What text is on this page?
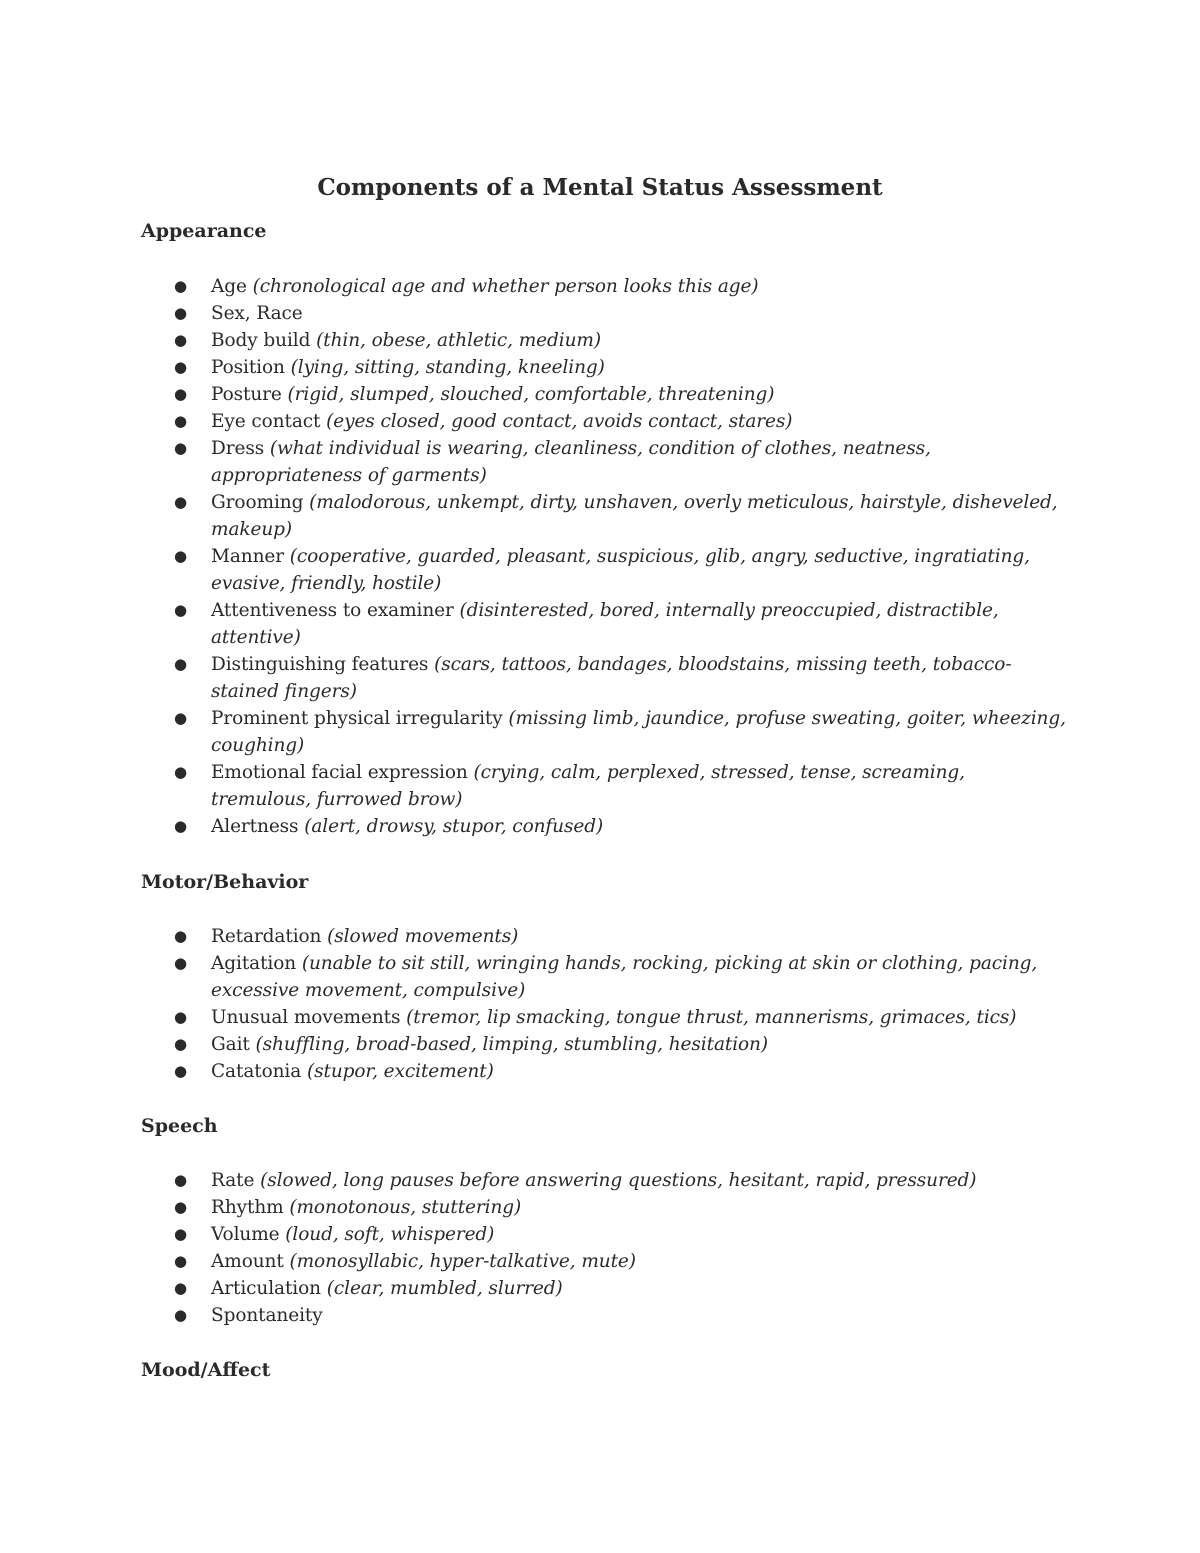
Components of a Mental Status Assessment
Appearance
● Age (chronological age and whether person looks this age)
● Sex, Race
● Body build (thin, obese, athletic, medium)
● Position (lying, sitting, standing, kneeling)
● Posture (rigid, slumped, slouched, comfortable, threatening)
● Eye contact (eyes closed, good contact, avoids contact, stares)
● Dress (what individual is wearing, cleanliness, condition of clothes, neatness, appropriateness of garments)
● Grooming (malodorous, unkempt, dirty, unshaven, overly meticulous, hairstyle, disheveled, makeup)
● Manner (cooperative, guarded, pleasant, suspicious, glib, angry, seductive, ingratiating, evasive, friendly, hostile)
● Attentiveness to examiner (disinterested, bored, internally preoccupied, distractible, attentive)
● Distinguishing features (scars, tattoos, bandages, bloodstains, missing teeth, tobacco-stained fingers)
● Prominent physical irregularity (missing limb, jaundice, profuse sweating, goiter, wheezing, coughing)
● Emotional facial expression (crying, calm, perplexed, stressed, tense, screaming, tremulous, furrowed brow)
● Alertness (alert, drowsy, stupor, confused)
Motor/Behavior
● Retardation (slowed movements)
● Agitation (unable to sit still, wringing hands, rocking, picking at skin or clothing, pacing, excessive movement, compulsive)
● Unusual movements (tremor, lip smacking, tongue thrust, mannerisms, grimaces, tics)
● Gait (shuffling, broad-based, limping, stumbling, hesitation)
● Catatonia (stupor, excitement)
Speech
● Rate (slowed, long pauses before answering questions, hesitant, rapid, pressured)
● Rhythm (monotonous, stuttering)
● Volume (loud, soft, whispered)
● Amount (monosyllabic, hyper-talkative, mute)
● Articulation (clear, mumbled, slurred)
● Spontaneity
Mood/Affect
